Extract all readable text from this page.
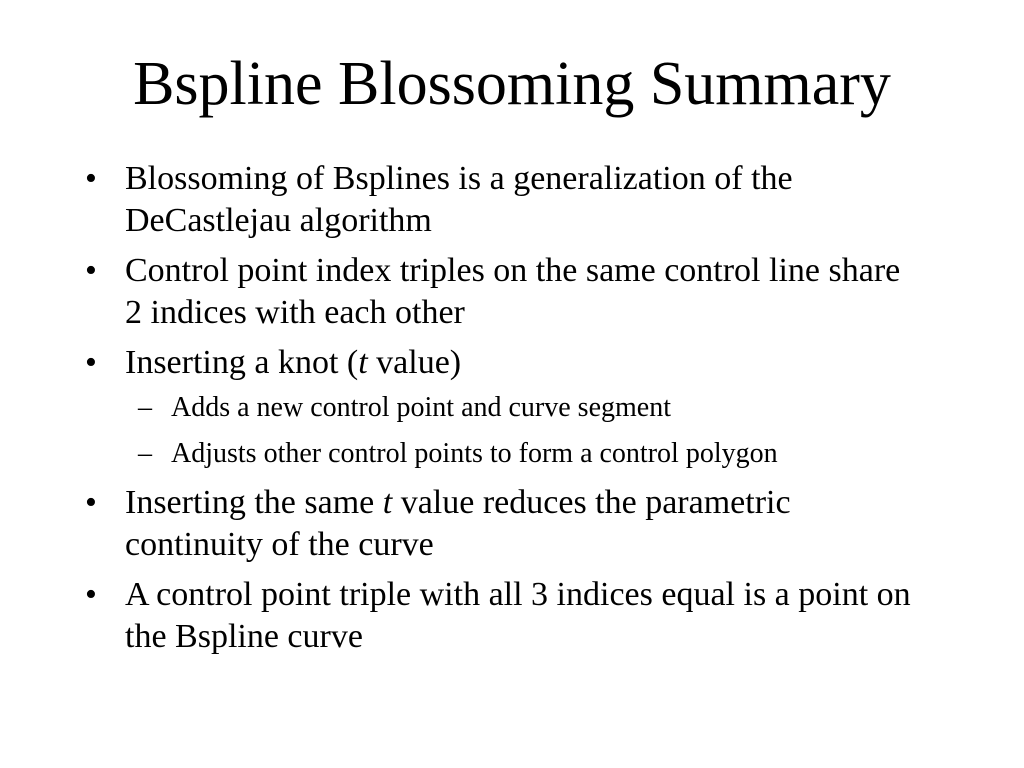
Bspline Blossoming Summary
• Blossoming of Bsplines is a generalization of the DeCastlejau algorithm
• Control point index triples on the same control line share 2 indices with each other
• Inserting a knot (t value)
– Adds a new control point and curve segment
– Adjusts other control points to form a control polygon
• Inserting the same t value reduces the parametric continuity of the curve
• A control point triple with all 3 indices equal is a point on the Bspline curve
